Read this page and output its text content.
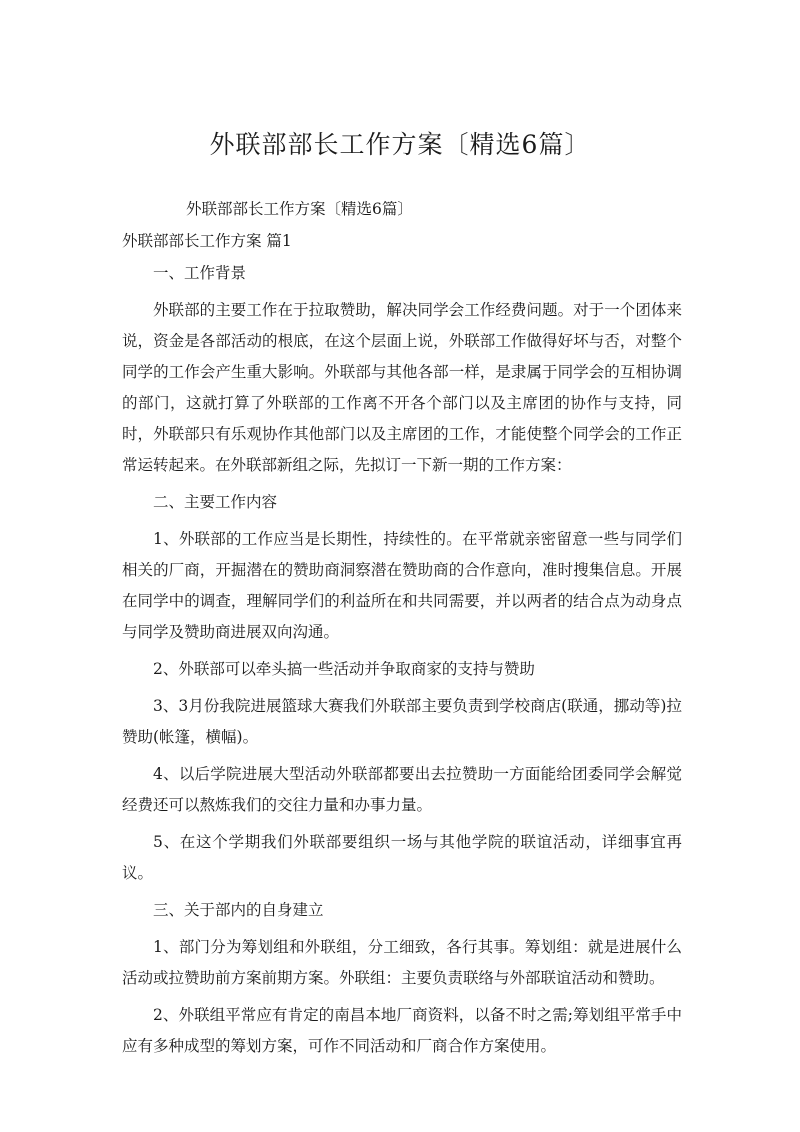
外联部部长工作方案〔精选6篇〕
外联部部长工作方案〔精选6篇〕
外联部部长工作方案 篇1

一、工作背景

外联部的主要工作在于拉取赞助，解决同学会工作经费问题。对于一个团体来说，资金是各部活动的根底，在这个层面上说，外联部工作做得好坏与否，对整个同学的工作会产生重大影响。外联部与其他各部一样，是隶属于同学会的互相协调的部门，这就打算了外联部的工作离不开各个部门以及主席团的协作与支持，同时，外联部只有乐观协作其他部门以及主席团的工作，才能使整个同学会的工作正常运转起来。在外联部新组之际，先拟订一下新一期的工作方案：

二、主要工作内容

1、外联部的工作应当是长期性，持续性的。在平常就亲密留意一些与同学们相关的厂商，开掘潜在的赞助商洞察潜在赞助商的合作意向，准时搜集信息。开展在同学中的调查，理解同学们的利益所在和共同需要，并以两者的结合点为动身点与同学及赞助商进展双向沟通。

2、外联部可以牵头搞一些活动并争取商家的支持与赞助

3、3月份我院进展篮球大赛我们外联部主要负责到学校商店(联通，挪动等)拉赞助(帐篷，横幅)。

4、以后学院进展大型活动外联部都要出去拉赞助一方面能给团委同学会解觉经费还可以熬炼我们的交往力量和办事力量。

5、在这个学期我们外联部要组织一场与其他学院的联谊活动，详细事宜再议。

三、关于部内的自身建立

1、部门分为筹划组和外联组，分工细致，各行其事。筹划组：就是进展什么活动或拉赞助前方案前期方案。外联组：主要负责联络与外部联谊活动和赞助。

2、外联组平常应有肯定的南昌本地厂商资料，以备不时之需;筹划组平常手中应有多种成型的筹划方案，可作不同活动和厂商合作方案使用。
